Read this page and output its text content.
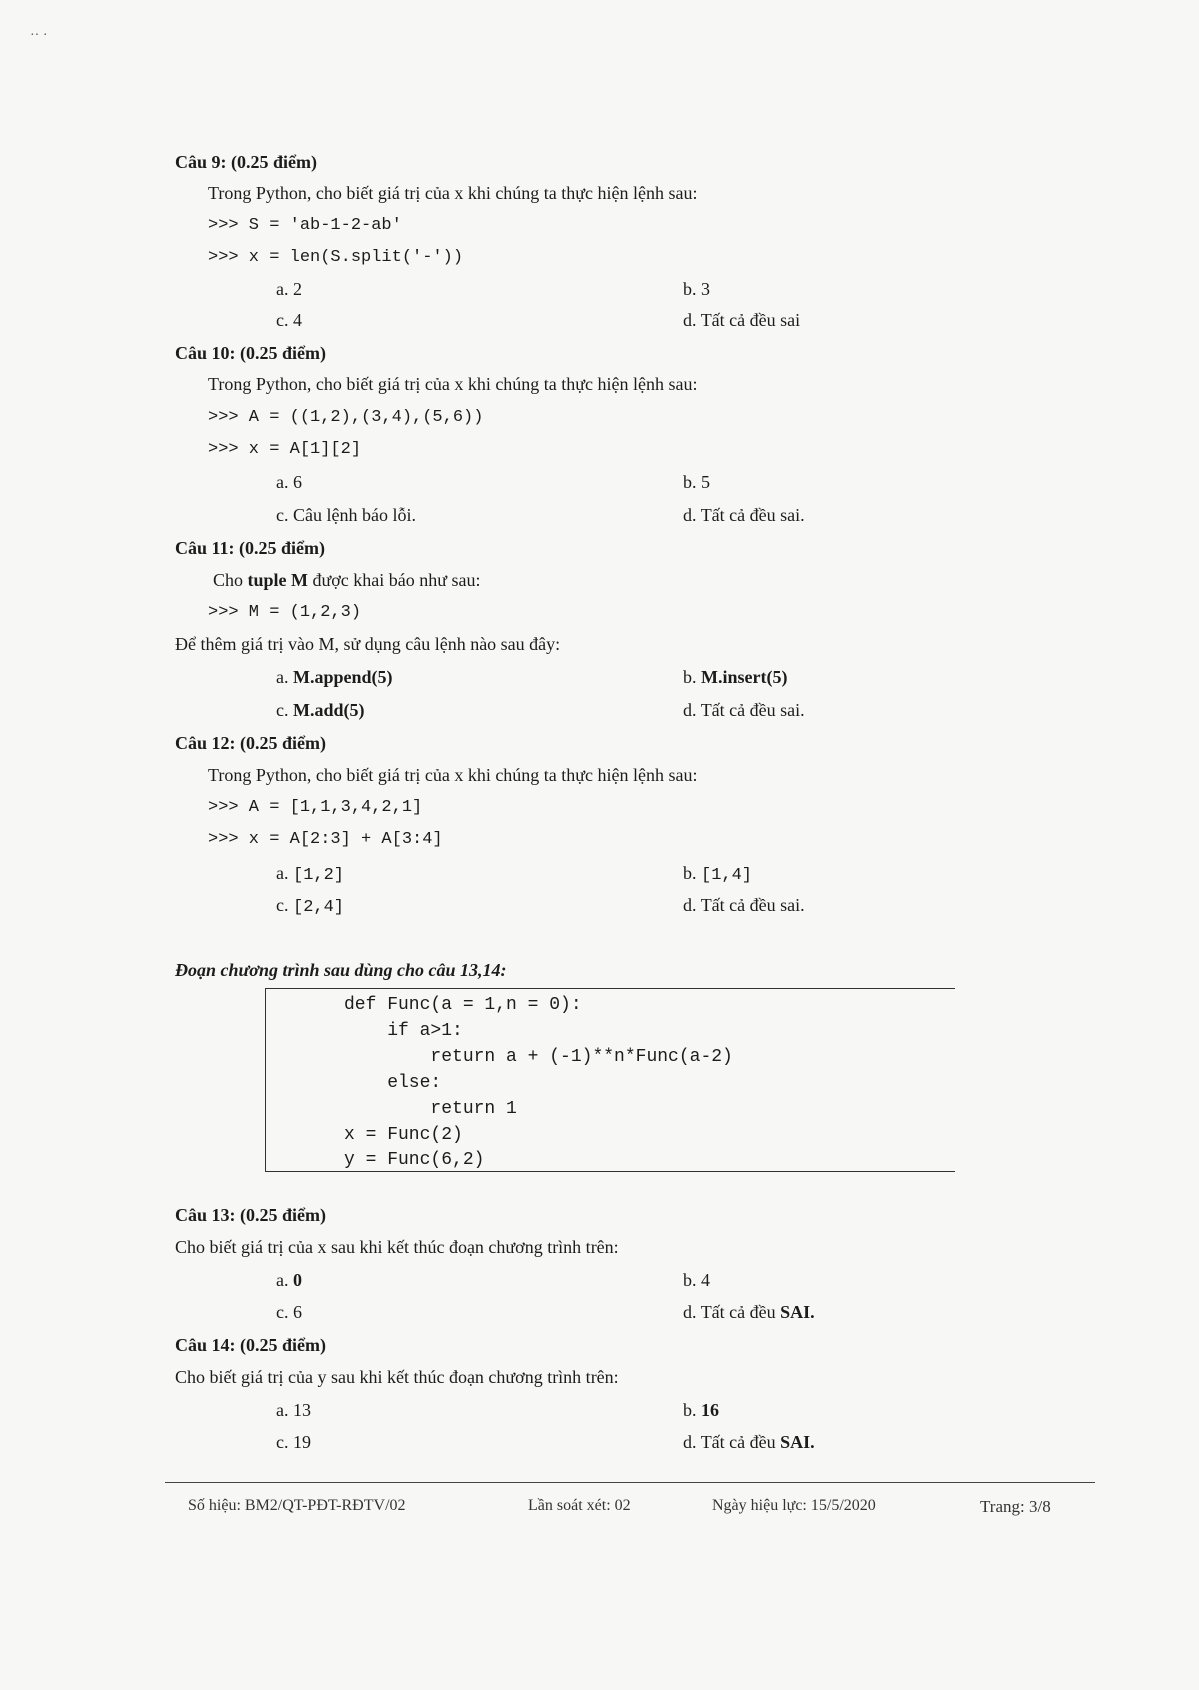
·· ·
Câu 9: (0.25 điểm)
Trong Python, cho biết giá trị của x khi chúng ta thực hiện lệnh sau:
>>> S = 'ab-1-2-ab'
>>> x = len(S.split('-'))
a. 2	b. 3
c. 4	d. Tất cả đều sai
Câu 10: (0.25 điểm)
Trong Python, cho biết giá trị của x khi chúng ta thực hiện lệnh sau:
>>> A = ((1,2),(3,4),(5,6))
>>> x = A[1][2]
a. 6	b. 5
c. Câu lệnh báo lỗi.	d. Tất cả đều sai.
Câu 11: (0.25 điểm)
Cho tuple M được khai báo như sau:
>>> M = (1,2,3)
Để thêm giá trị vào M, sử dụng câu lệnh nào sau đây:
a. M.append(5)	b. M.insert(5)
c. M.add(5)	d. Tất cả đều sai.
Câu 12: (0.25 điểm)
Trong Python, cho biết giá trị của x khi chúng ta thực hiện lệnh sau:
>>> A = [1,1,3,4,2,1]
>>> x = A[2:3] + A[3:4]
a. [1,2]	b. [1,4]
c. [2,4]	d. Tất cả đều sai.
Đoạn chương trình sau dùng cho câu 13,14:
def Func(a = 1,n = 0):
if a>1:
return a + (-1)**n*Func(a-2)
else:
return 1
x = Func(2)
y = Func(6,2)
Câu 13: (0.25 điểm)
Cho biết giá trị của x sau khi kết thúc đoạn chương trình trên:
a. 0	b. 4
c. 6	d. Tất cả đều SAI.
Câu 14: (0.25 điểm)
Cho biết giá trị của y sau khi kết thúc đoạn chương trình trên:
a. 13	b. 16
c. 19	d. Tất cả đều SAI.
Số hiệu: BM2/QT-PĐT-RĐTV/02	Lần soát xét: 02	Ngày hiệu lực: 15/5/2020	Trang: 3/8
